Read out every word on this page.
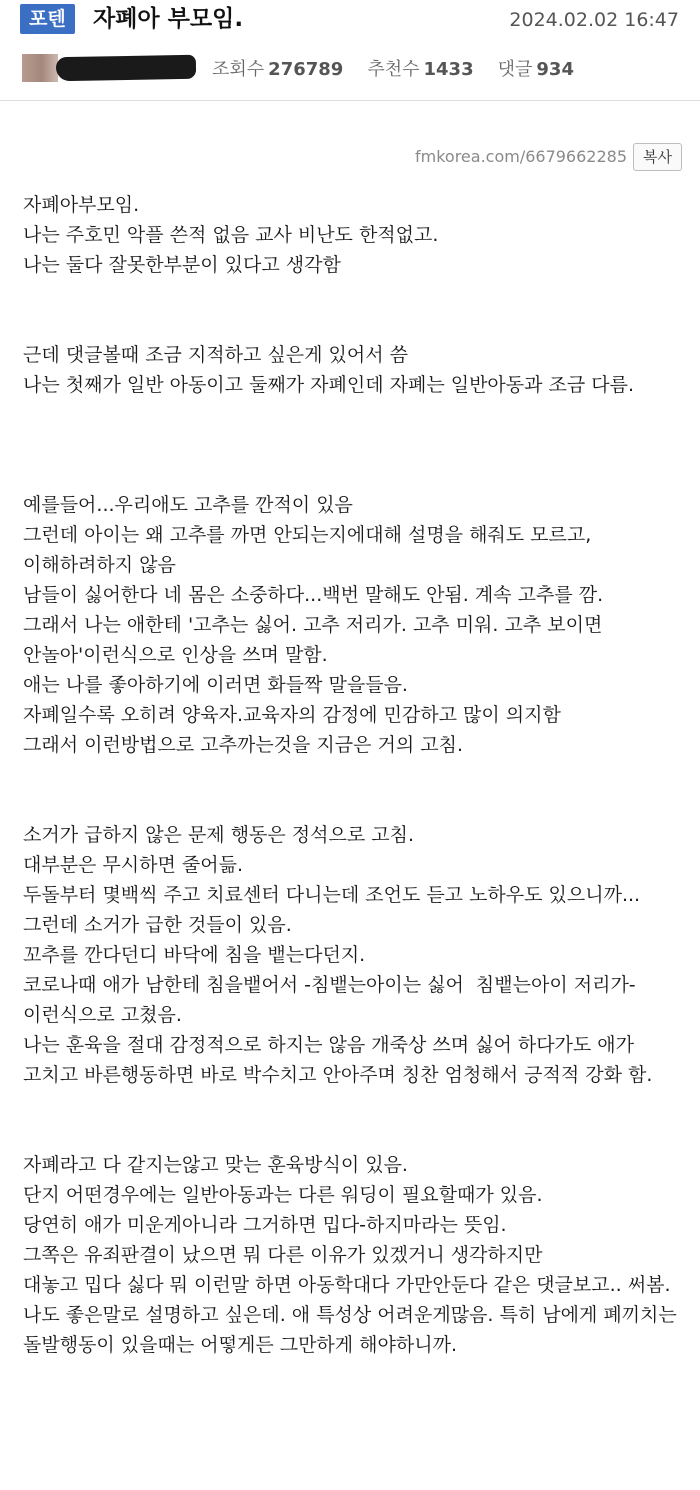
포텐	자폐아 부모임.	2024.02.02 16:47
조회수 276789 추천수 1433 댓글 934
fmkorea.com/6679662285 복사

자폐아부모임.

나는 주호민 악플 쓴적 없음 교사 비난도 한적없고.

나는 둘다 잘못한부분이 있다고 생각함

근데 댓글볼때 조금 지적하고 싶은게 있어서 씀

나는 첫째가 일반 아동이고 둘째가 자폐인데 자폐는 일반아동과 조금 다름.

예를들어...우리애도 고추를 깐적이 있음

그런데 아이는 왜 고추를 까면 안되는지에대해 설명을 해줘도 모르고, 이해하려하지 않음

남들이 싫어한다 네 몸은 소중하다...백번 말해도 안됨. 계속 고추를 깜.

그래서 나는 애한테 '고추는 싫어. 고추 저리가. 고추 미워. 고추 보이면 안놀아'이런식으로 인상을 쓰며 말함.

애는 나를 좋아하기에 이러면 화들짝 말을들음.

자폐일수록 오히려 양육자.교육자의 감정에 민감하고 많이 의지함

그래서 이런방법으로 고추까는것을 지금은 거의 고침.

소거가 급하지 않은 문제 행동은 정석으로 고침.

대부분은 무시하면 줄어듦.

두돌부터 몇백씩 주고 치료센터 다니는데 조언도 듣고 노하우도 있으니까...

그런데 소거가 급한 것들이 있음.

꼬추를 깐다던디 바닥에 침을 뱉는다던지.

코로나때 애가 남한테 침을뱉어서 -침뱉는아이는 싫어  침뱉는아이 저리가-이런식으로 고쳤음.

나는 훈육을 절대 감정적으로 하지는 않음 개죽상 쓰며 싫어 하다가도 애가 고치고 바른행동하면 바로 박수치고 안아주며 칭찬 엄청해서 긍적적 강화 함.

자폐라고 다 같지는않고 맞는 훈육방식이 있음.

단지 어떤경우에는 일반아동과는 다른 워딩이 필요할때가 있음.

당연히 애가 미운게아니라 그거하면 밉다-하지마라는 뜻임.

그쪽은 유죄판결이 났으면 뭐 다른 이유가 있겠거니 생각하지만

대놓고 밉다 싫다 뭐 이런말 하면 아동학대다 가만안둔다 같은 댓글보고.. 써봄.

나도 좋은말로 설명하고 싶은데. 애 특성상 어려운게많음. 특히 남에게 폐끼치는 돌발행동이 있을때는 어떻게든 그만하게 해야하니까.
